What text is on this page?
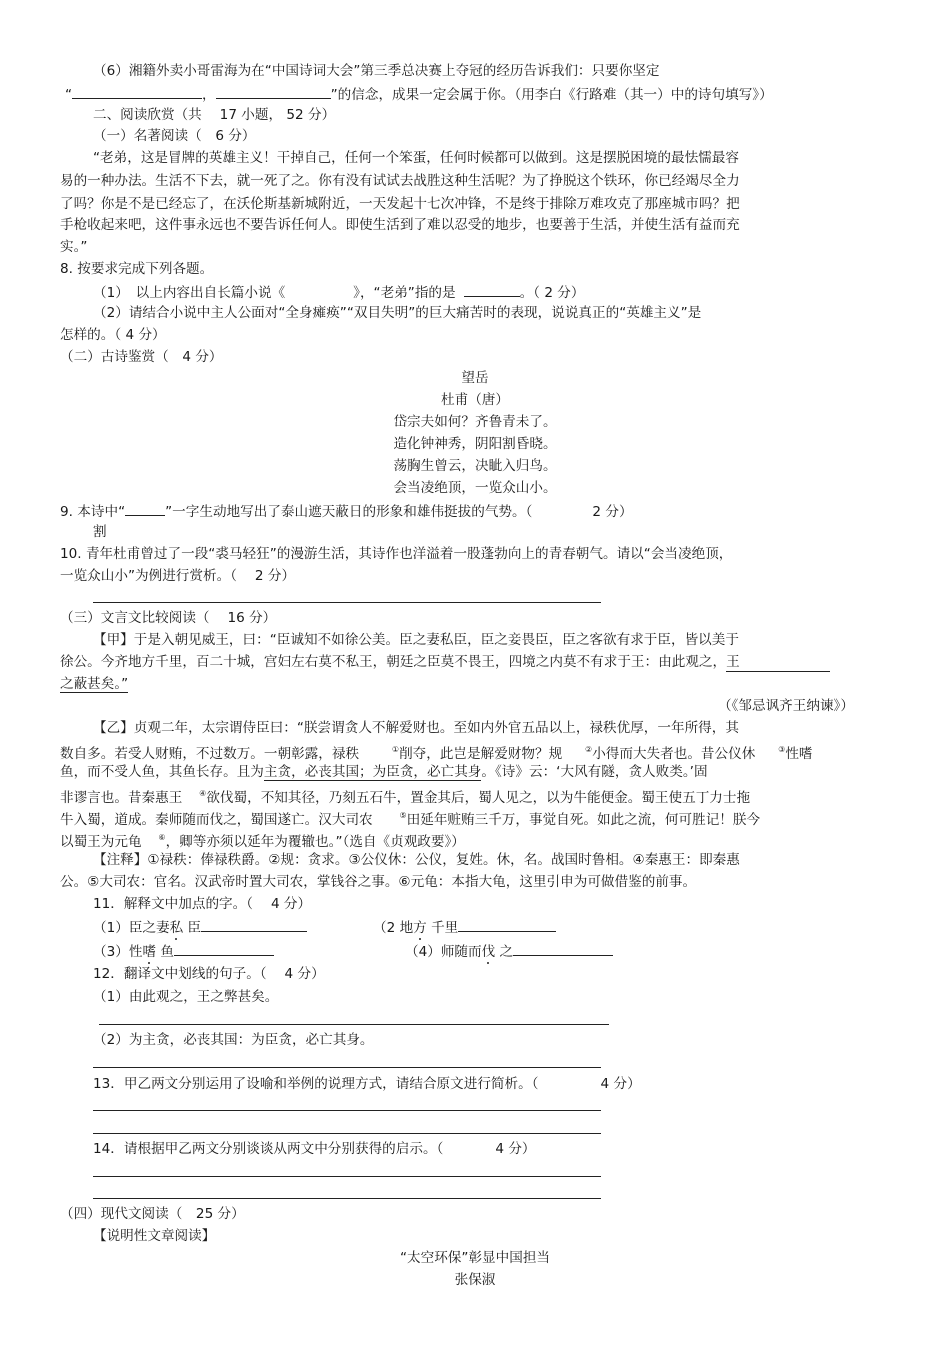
（6）湘籍外卖小哥雷海为在“中国诗词大会”第三季总决赛上夺冠的经历告诉我们：只要你坚定
“	，	”的信念，成果一定会属于你。（用李白《行路难（其一）中的诗句填写》）
二、阅读欣赏（共　 17 小题， 52 分）
（一）名著阅读（　6 分）
“老弟，这是冒牌的英雄主义！干掉自己，任何一个笨蛋，任何时候都可以做到。这是摆脱困境的最怯懦最容
易的一种办法。生活不下去，就一死了之。你有没有试试去战胜这种生活呢？为了挣脱这个铁环，你已经竭尽全力
了吗？你是不是已经忘了，在沃伦斯基新城附近，一天发起十七次冲锋，不是终于排除万难攻克了那座城市吗？把
手枪收起来吧，这件事永远也不要告诉任何人。即使生活到了难以忍受的地步，也要善于生活，并使生活有益而充
实。”
8. 按要求完成下列各题。
（1）　以上内容出自长篇小说《	》，“老弟”指的是	。（ 2 分）
（2）请结合小说中主人公面对“全身瘫痪”“双目失明”的巨大痛苦时的表现，说说真正的“英雄主义”是
怎样的。（ 4 分）
（二）古诗鉴赏（　4 分）
望岳
杜甫（唐）
岱宗夫如何？齐鲁青未了。
造化钟神秀，阴阳割昏晓。
荡胸生曾云，决眦入归鸟。
会当凌绝顶，一览众山小。
9. 本诗中“	”一字生动地写出了泰山遮天蔽日的形象和雄伟挺拔的气势。（	2 分）
割
10. 青年杜甫曾过了一段“裘马轻狂”的漫游生活，其诗作也洋溢着一股蓬勃向上的青春朝气。请以“会当凌绝顶，
一览众山小”为例进行赏析。（　 2 分）
（三）文言文比较阅读（　 16 分）
【甲】于是入朝见威王，曰：“臣诚知不如徐公美。臣之妻私臣，臣之妾畏臣，臣之客欲有求于臣，皆以美于
徐公。今齐地方千里，百二十城，宫妇左右莫不私王，朝廷之臣莫不畏王，四境之内莫不有求于王：由此观之，王
之蔽甚矣。”
（《邹忌讽齐王纳谏》）
【乙】贞观二年，太宗谓侍臣曰：“朕尝谓贪人不解爱财也。至如内外官五品以上，禄秩优厚，一年所得，其
数自多。若受人财贿，不过数万。一朝彰露，禄秩	①削夺，此岂是解爱财物？规	②小得而大失者也。昔公仪休	③性嗜
鱼，而不受人鱼，其鱼长存。且为主贪，必丧其国；为臣贪，必亡其身。《诗》云：‘大风有隧，贪人败类。’固
非谬言也。昔秦惠王 ④欲伐蜀，不知其径，乃刻五石牛，置金其后，蜀人见之，以为牛能便金。蜀王使五丁力士拖
牛入蜀，道成。秦师随而伐之，蜀国遂亡。汉大司农	⑤田延年赃贿三千万，事觉自死。如此之流，何可胜记！朕今
以蜀王为元龟 ⑥，卿等亦须以延年为覆辙也。”（选自《贞观政要》）
【注释】①禄秩：俸禄秩爵。②规：贪求。③公仪休：公仪，复姓。休，名。战国时鲁相。④秦惠王：即秦惠
公。⑤大司农：官名。汉武帝时置大司农，掌钱谷之事。⑥元龟：本指大龟，这里引申为可做借鉴的前事。
11．解释文中加点的字。（　 4 分）
（1）臣之妻私 臣	（2 地方 千里
（3）性嗜 鱼	（4）师随而伐 之
12．翻译文中划线的句子。（　 4 分）
（1）由此观之，王之弊甚矣。
（2）为主贪，必丧其国：为臣贪，必亡其身。
13．甲乙两文分别运用了设喻和举例的说理方式，请结合原文进行简析。（	4 分）
14．请根据甲乙两文分别谈谈从两文中分别获得的启示。（	4 分）
（四）现代文阅读（　25 分）
【说明性文章阅读】
“太空环保”彰显中国担当
张保淑
